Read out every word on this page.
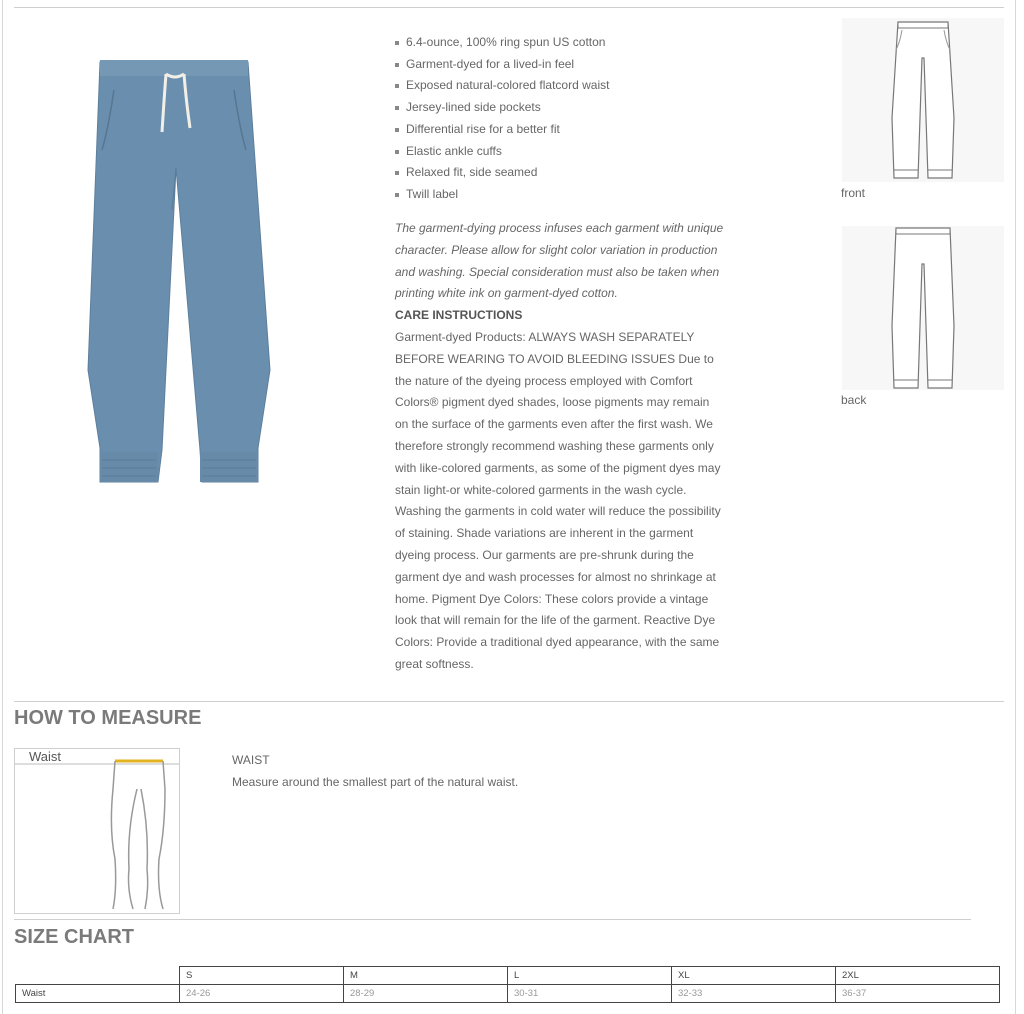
6.4-ounce, 100% ring spun US cotton
Garment-dyed for a lived-in feel
Exposed natural-colored flatcord waist
Jersey-lined side pockets
Differential rise for a better fit
Elastic ankle cuffs
Relaxed fit, side seamed
Twill label
The garment-dying process infuses each garment with unique character. Please allow for slight color variation in production and washing. Special consideration must also be taken when printing white ink on garment-dyed cotton.
CARE INSTRUCTIONS
Garment-dyed Products: ALWAYS WASH SEPARATELY BEFORE WEARING TO AVOID BLEEDING ISSUES Due to the nature of the dyeing process employed with Comfort Colors® pigment dyed shades, loose pigments may remain on the surface of the garments even after the first wash. We therefore strongly recommend washing these garments only with like-colored garments, as some of the pigment dyes may stain light-or white-colored garments in the wash cycle. Washing the garments in cold water will reduce the possibility of staining. Shade variations are inherent in the garment dyeing process. Our garments are pre-shrunk during the garment dye and wash processes for almost no shrinkage at home. Pigment Dye Colors: These colors provide a vintage look that will remain for the life of the garment. Reactive Dye Colors: Provide a traditional dyed appearance, with the same great softness.
front
back
HOW TO MEASURE
Waist	WAIST
Measure around the smallest part of the natural waist.
SIZE CHART
	S	M	L	XL	2XL
Waist	24-26	28-29	30-31	32-33	36-37
